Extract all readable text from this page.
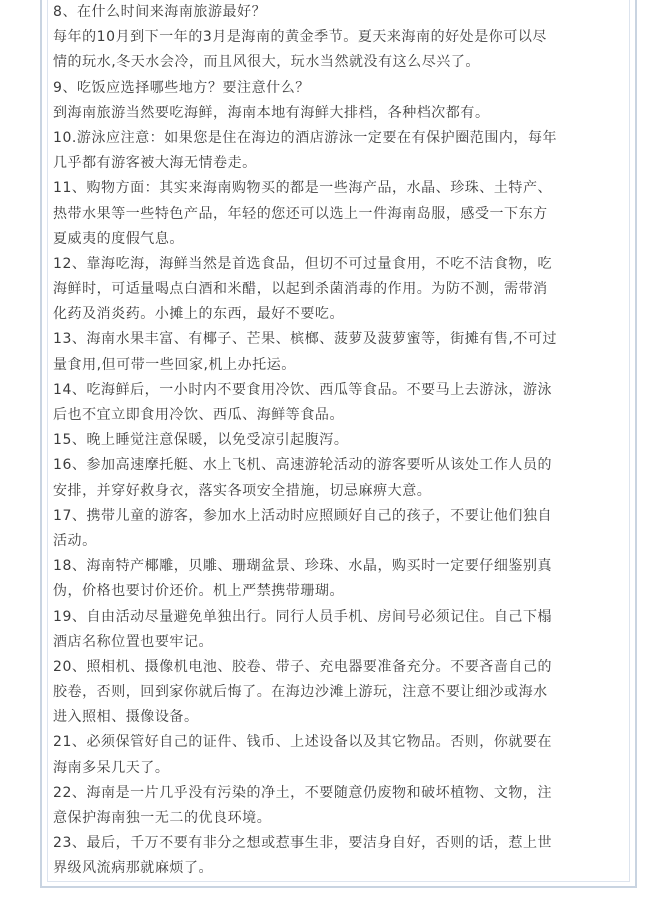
8、在什么时间来海南旅游最好？

每年的10月到下一年的3月是海南的黄金季节。夏天来海南的好处是你可以尽
情的玩水,冬天水会冷，而且风很大，玩水当然就没有这么尽兴了。

9、吃饭应选择哪些地方？要注意什么？

到海南旅游当然要吃海鲜，海南本地有海鲜大排档，各种档次都有。

10.游泳应注意：如果您是住在海边的酒店游泳一定要在有保护圈范围内，每年
几乎都有游客被大海无情卷走。

11、购物方面：其实来海南购物买的都是一些海产品，水晶、珍珠、土特产、
热带水果等一些特色产品，年轻的您还可以选上一件海南岛服，感受一下东方
夏威夷的度假气息。

12、靠海吃海，海鲜当然是首选食品，但切不可过量食用，不吃不洁食物，吃
海鲜时，可适量喝点白酒和米醋，以起到杀菌消毒的作用。为防不测，需带消
化药及消炎药。小摊上的东西，最好不要吃。

13、海南水果丰富、有椰子、芒果、槟榔、菠萝及菠萝蜜等，街摊有售,不可过
量食用,但可带一些回家,机上办托运。

14、吃海鲜后，一小时内不要食用冷饮、西瓜等食品。不要马上去游泳，游泳
后也不宜立即食用冷饮、西瓜、海鲜等食品。

15、晚上睡觉注意保暖，以免受凉引起腹泻。

16、参加高速摩托艇、水上飞机、高速游轮活动的游客要听从该处工作人员的
安排，并穿好救身衣，落实各项安全措施，切忌麻痹大意。

17、携带儿童的游客，参加水上活动时应照顾好自己的孩子，不要让他们独自
活动。

18、海南特产椰雕，贝雕、珊瑚盆景、珍珠、水晶，购买时一定要仔细鉴别真
伪，价格也要讨价还价。机上严禁携带珊瑚。

19、自由活动尽量避免单独出行。同行人员手机、房间号必须记住。自己下榻
酒店名称位置也要牢记。

20、照相机、摄像机电池、胶卷、带子、充电器要准备充分。不要吝啬自己的
胶卷，否则，回到家你就后悔了。在海边沙滩上游玩，注意不要让细沙或海水
进入照相、摄像设备。

21、必须保管好自己的证件、钱币、上述设备以及其它物品。否则，你就要在
海南多呆几天了。

22、海南是一片几乎没有污染的净土，不要随意仍废物和破坏植物、文物，注
意保护海南独一无二的优良环境。

23、最后，千万不要有非分之想或惹事生非，要洁身自好，否则的话，惹上世
界级风流病那就麻烦了。
